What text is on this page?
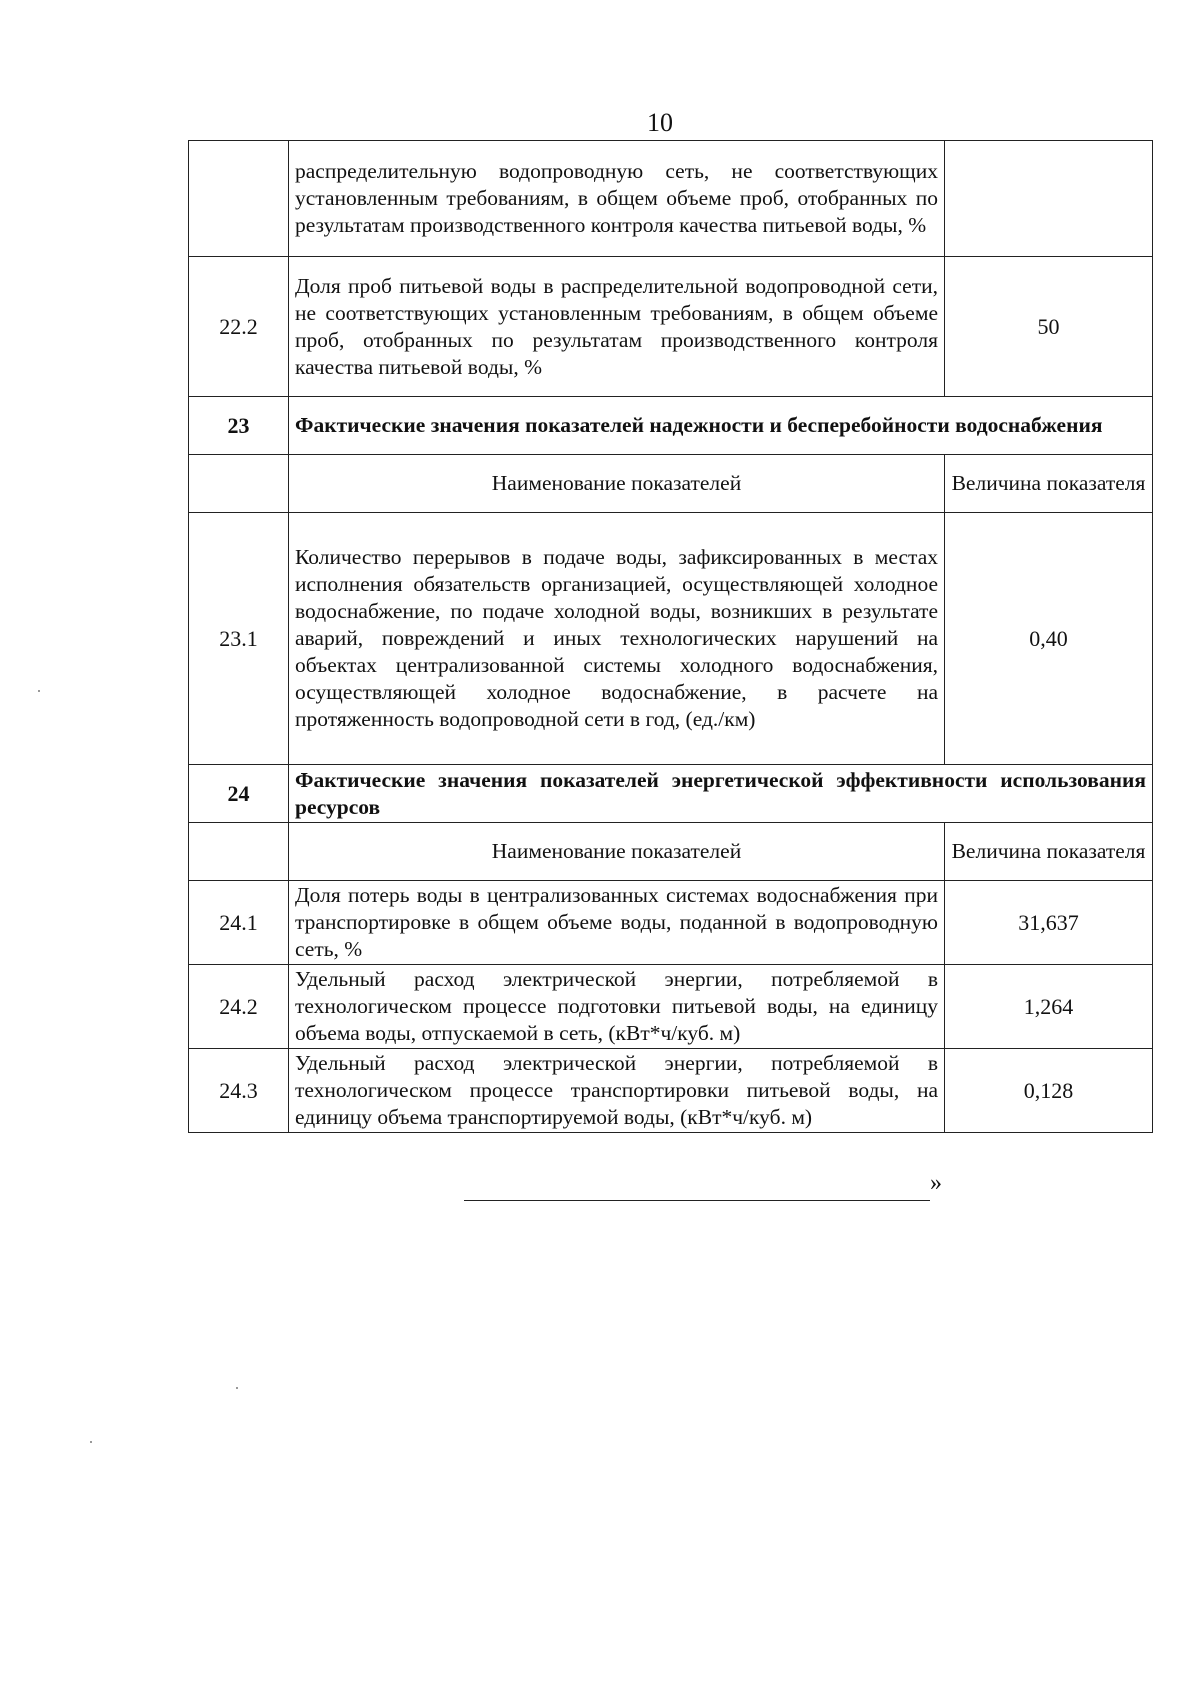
10
	распределительную водопроводную сеть, не соответствующих установленным требованиям, в общем объеме проб, отобранных по результатам производственного контроля качества питьевой воды, %	
22.2	Доля проб питьевой воды в распределительной водопроводной сети, не соответствующих установленным требованиям, в общем объеме проб, отобранных по результатам производственного контроля качества питьевой воды, %	50
23	Фактические значения показателей надежности и бесперебойности водоснабжения	
	Наименование показателей	Величина показателя
23.1	Количество перерывов в подаче воды, зафиксированных в местах исполнения обязательств организацией, осуществляющей холодное водоснабжение, по подаче холодной воды, возникших в результате аварий, повреждений и иных технологических нарушений на объектах централизованной системы холодного водоснабжения, осуществляющей холодное водоснабжение, в расчете на протяженность водопроводной сети в год, (ед./км)	0,40
24	Фактические значения показателей энергетической эффективности использования ресурсов	
	Наименование показателей	Величина показателя
24.1	Доля потерь воды в централизованных системах водоснабжения при транспортировке в общем объеме воды, поданной в водопроводную сеть, %	31,637
24.2	Удельный расход электрической энергии, потребляемой в технологическом процессе подготовки питьевой воды, на единицу объема воды, отпускаемой в сеть, (кВт*ч/куб. м)	1,264
24.3	Удельный расход электрической энергии, потребляемой в технологическом процессе транспортировки питьевой воды, на единицу объема транспортируемой воды, (кВт*ч/куб. м)	0,128
»
